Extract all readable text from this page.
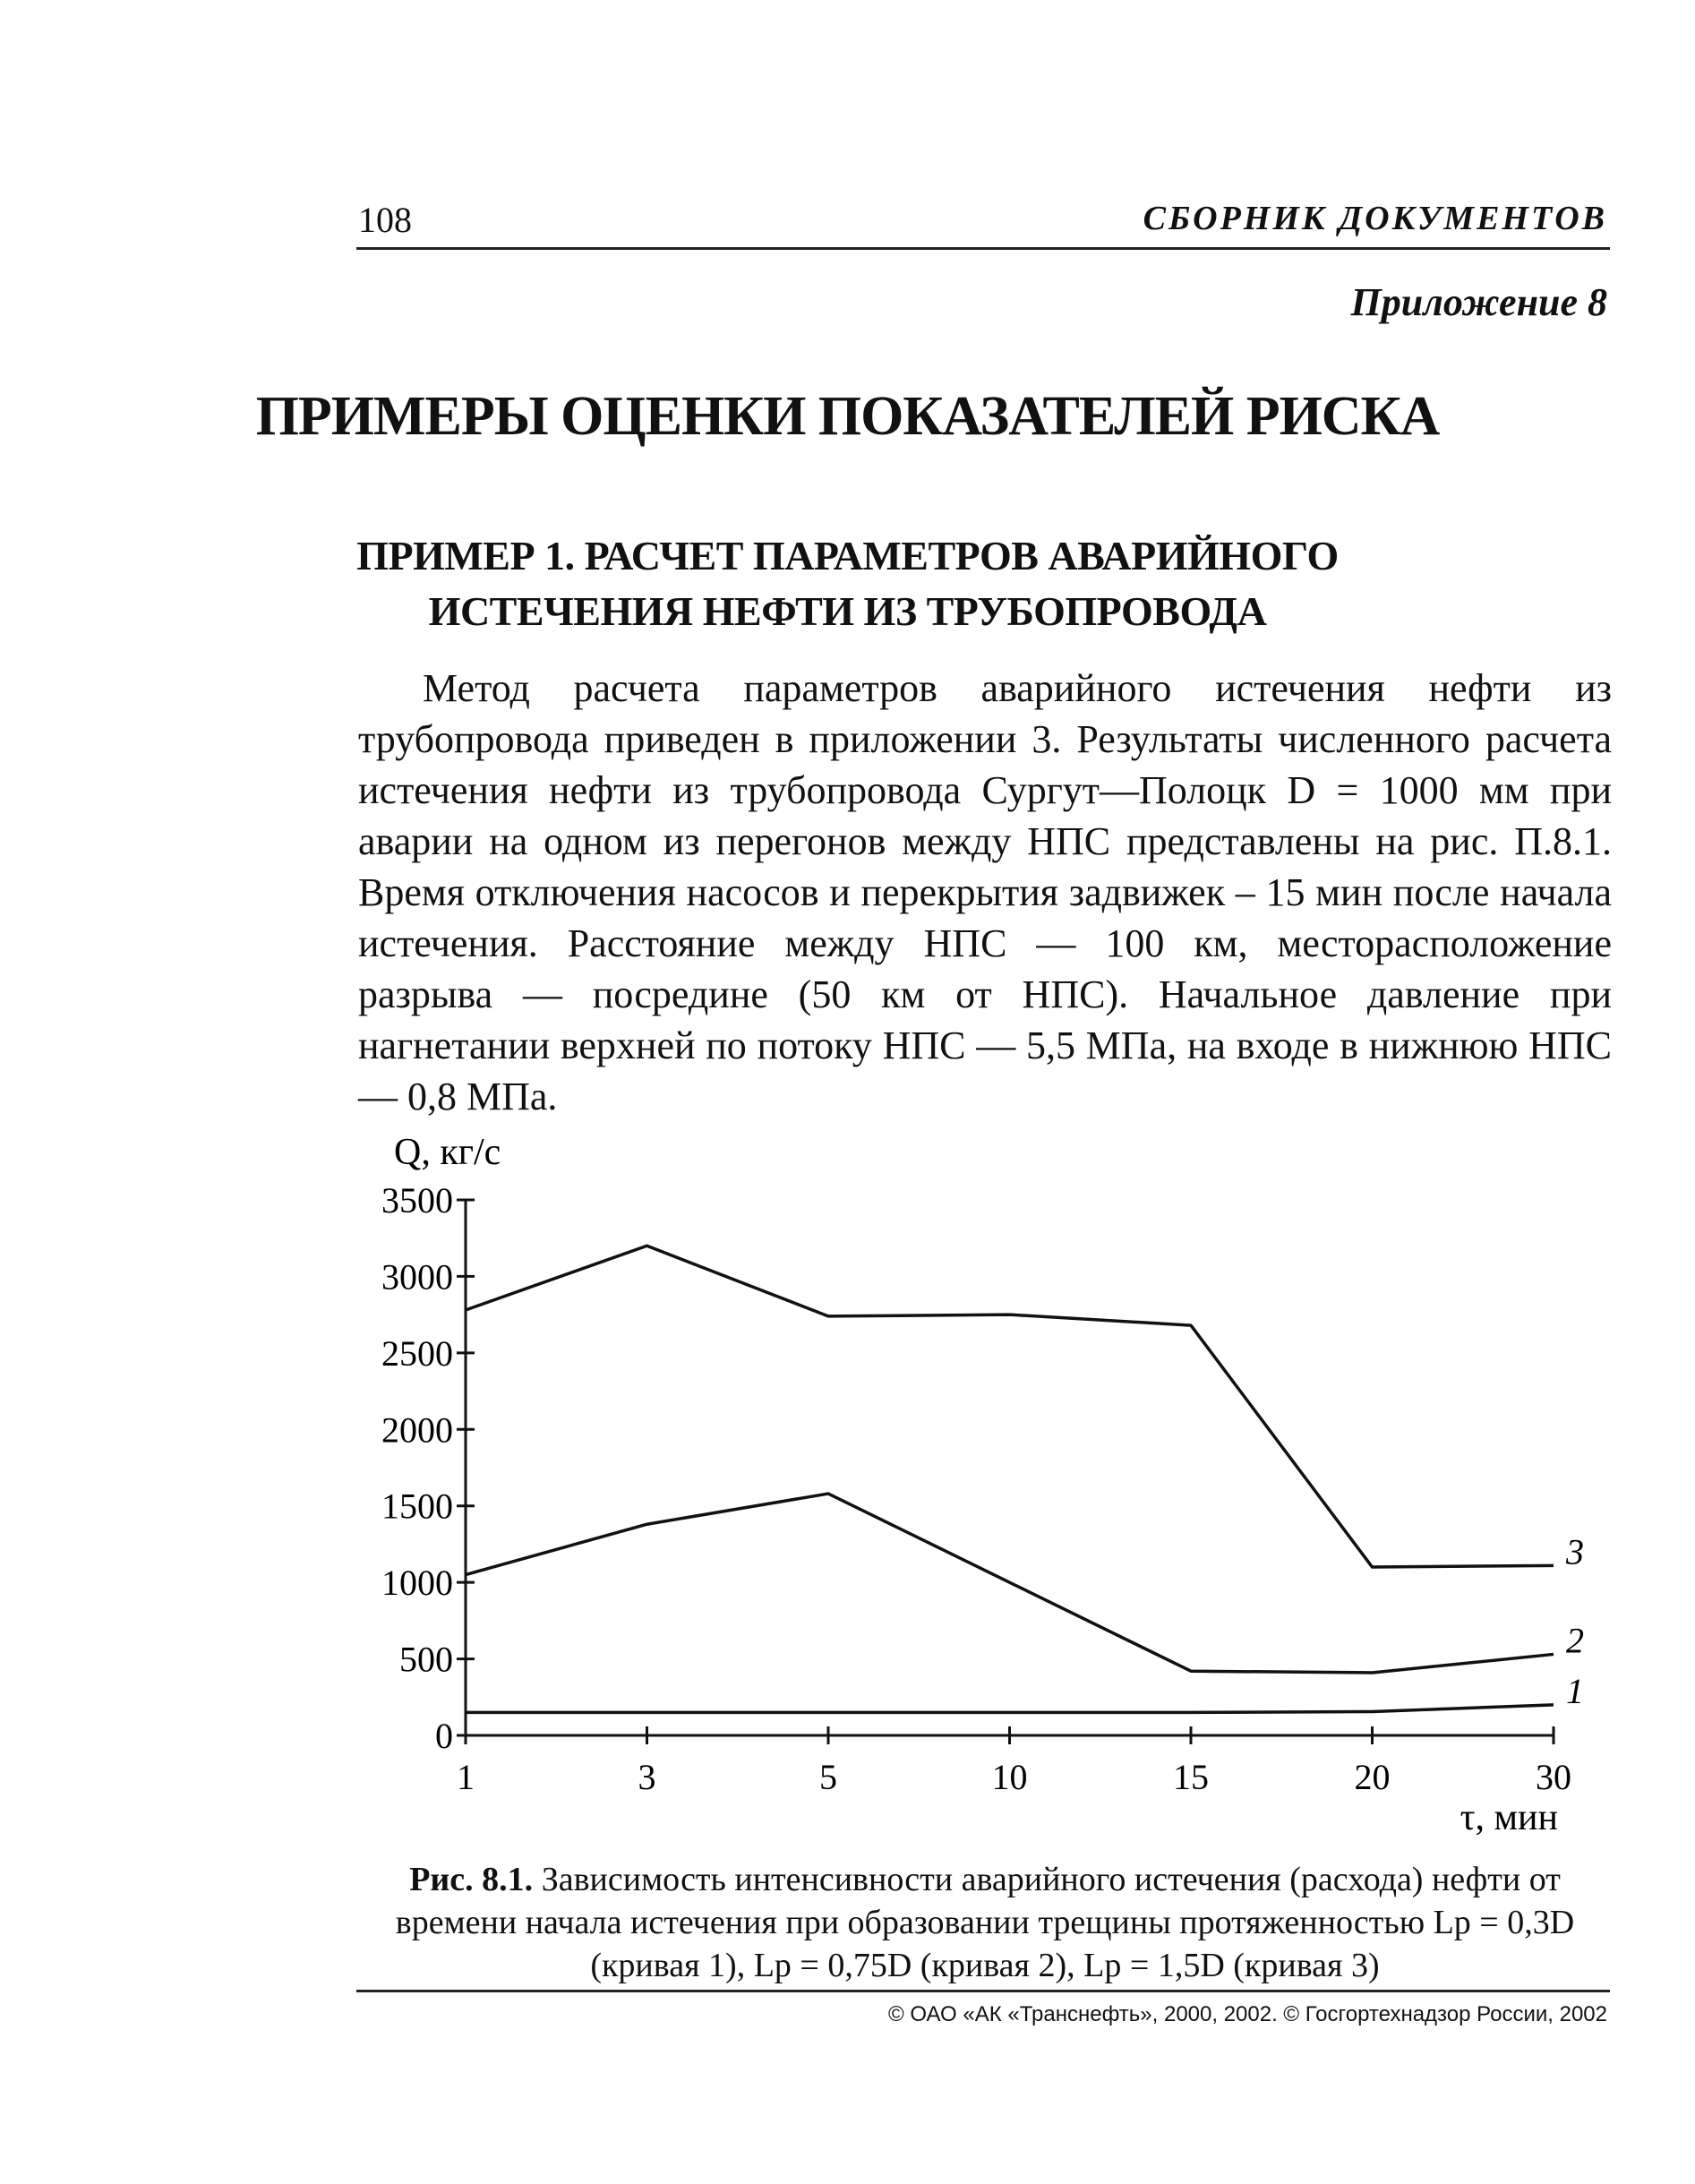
108	СБОРНИК ДОКУМЕНТОВ
Приложение 8
ПРИМЕРЫ ОЦЕНКИ ПОКАЗАТЕЛЕЙ РИСКА
ПРИМЕР 1. РАСЧЕТ ПАРАМЕТРОВ АВАРИЙНОГО
ИСТЕЧЕНИЯ НЕФТИ ИЗ ТРУБОПРОВОДА

Метод расчета параметров аварийного истечения нефти из трубопровода приведен в приложении 3. Результаты численного расчета истечения нефти из трубопровода Сургут—Полоцк D = 1000 мм при аварии на одном из перегонов между НПС представлены на рис. П.8.1. Время отключения насосов и перекрытия задвижек – 15 мин после начала истечения. Расстояние между НПС — 100 км, месторасположение разрыва — посредине (50 км от НПС). Начальное давление при нагнетании верхней по потоку НПС — 5,5 МПа, на входе в нижнюю НПС — 0,8 МПа.

Q, кг/с
τ, мин
0
500
1000
1500
2000
2500
3000
3500
1	3	5	10	15	20	30
1
2
3
Рис. 8.1. Зависимость интенсивности аварийного истечения (расхода) нефти от времени начала истечения при образовании трещины протяженностью Lp = 0,3D (кривая 1), Lp = 0,75D (кривая 2), Lp = 1,5D (кривая 3)
© ОАО «АК «Транснефть», 2000, 2002. © Госгортехнадзор России, 2002
